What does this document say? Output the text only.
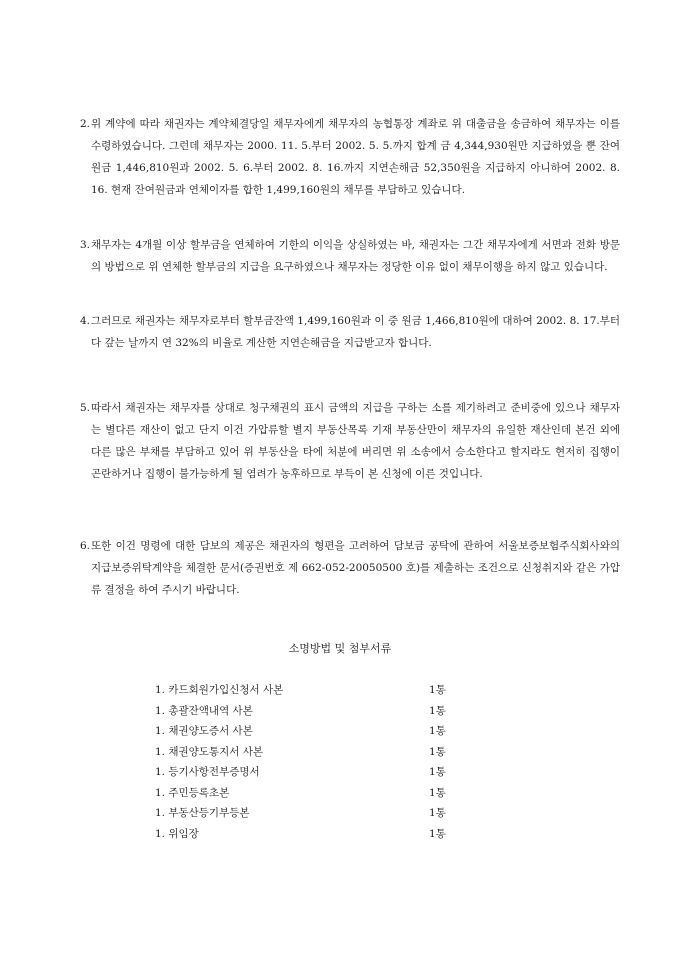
2. 위 계약에 따라 채권자는 계약체결당일 채무자에게 채무자의 농협통장 계좌로 위 대출금을 송금하여 채무자는 이를 수령하였습니다. 그런데 채무자는 2000. 11. 5.부터 2002. 5. 5.까지 합계 금 4,344,930원만 지급하였을 뿐 잔여원금 1,446,810원과 2002. 5. 6.부터 2002. 8. 16.까지 지연손해금 52,350원을 지급하지 아니하여 2002. 8. 16. 현재 잔여원금과 연체이자를 합한 1,499,160원의 채무를 부담하고 있습니다.
3. 채무자는 4개월 이상 할부금을 연체하여 기한의 이익을 상실하였는 바, 채권자는 그간 채무자에게 서면과 전화 방문의 방법으로 위 연체한 할부금의 지급을 요구하였으나 채무자는 정당한 이유 없이 채무이행을 하지 않고 있습니다.
4. 그러므로 채권자는 채무자로부터 할부금잔액 1,499,160원과 이 중 원금 1,466,810원에 대하여 2002. 8. 17.부터 다 갚는 날까지 연 32%의 비율로 계산한 지연손해금을 지급받고자 합니다.
5. 따라서 채권자는 채무자를 상대로 청구채권의 표시 금액의 지급을 구하는 소를 제기하려고 준비중에 있으나 채무자는 별다른 재산이 없고 단지 이건 가압류할 별지 부동산목록 기재 부동산만이 채무자의 유일한 재산인데 본건 외에 다른 많은 부채를 부담하고 있어 위 부동산을 타에 처분에 버리면 위 소송에서 승소한다고 할지라도 현저히 집행이 곤란하거나 집행이 불가능하게 될 염려가 농후하므로 부득이 본 신청에 이른 것입니다.
6. 또한 이건 명령에 대한 담보의 제공은 채권자의 형편을 고려하여 담보금 공탁에 관하여 서울보증보험주식회사와의 지급보증위탁계약을 체결한 문서(증권번호 제 662-052-20050500 호)를 제출하는 조건으로 신청취지와 같은 가압류 결정을 하여 주시기 바랍니다.
소명방법 및 첨부서류
1. 카드회원가입신청서 사본	1통
1. 총괄잔액내역 사본	1통
1. 채권양도증서 사본	1통
1. 채권양도통지서 사본	1통
1. 등기사항전부증명서	1통
1. 주민등록초본	1통
1. 부동산등기부등본	1통
1. 위임장	1통
